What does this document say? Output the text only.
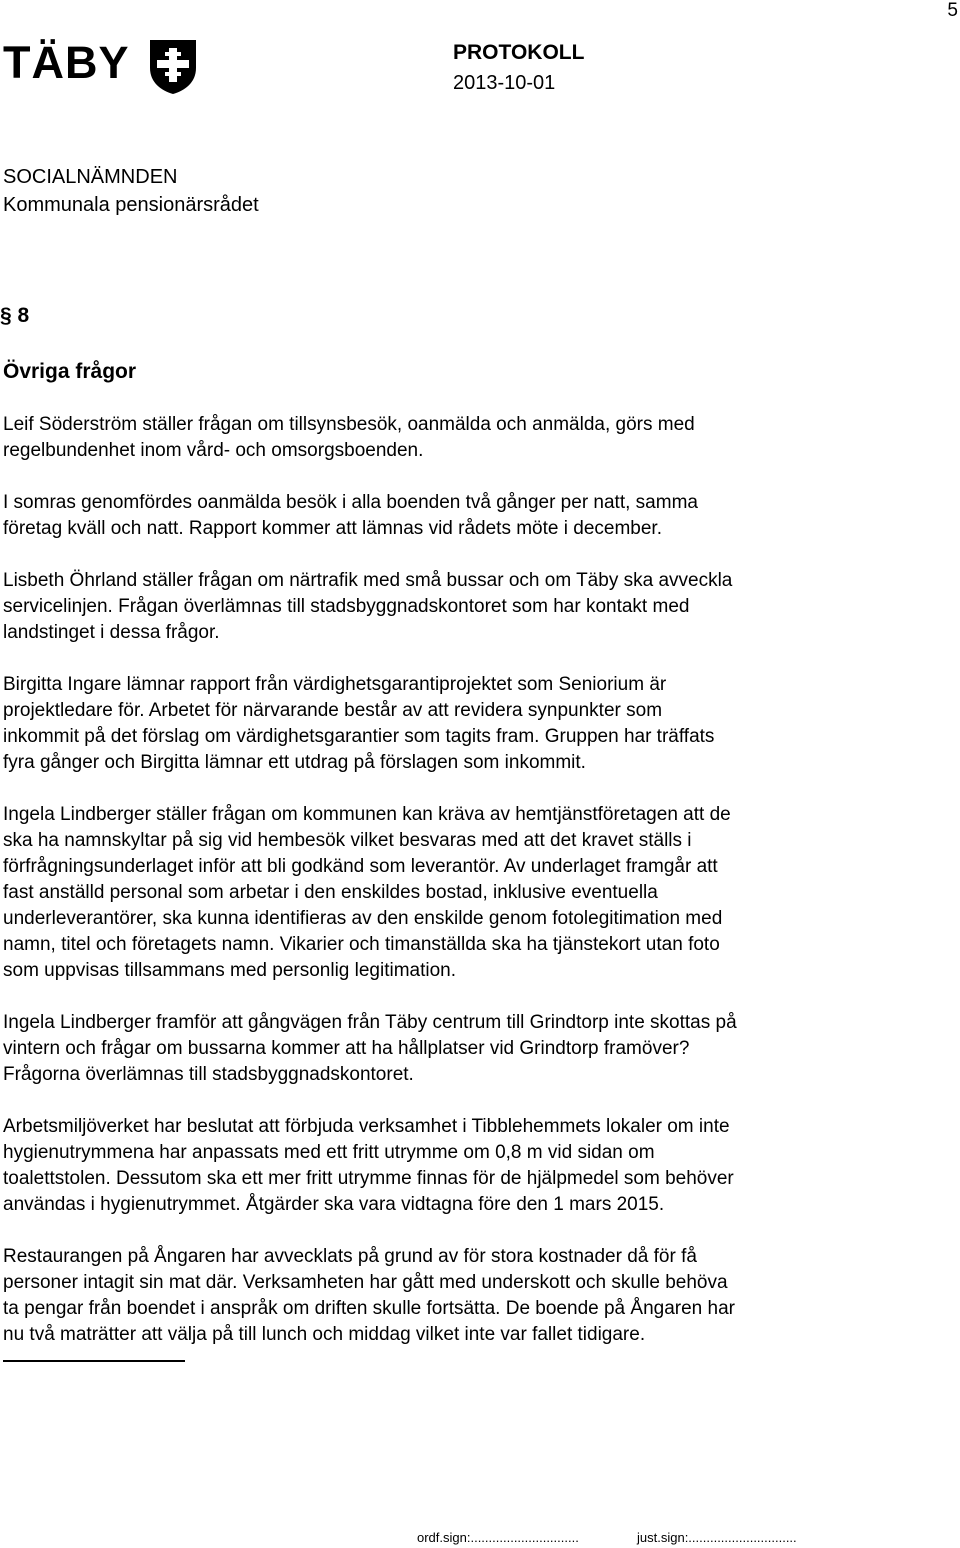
5
TÄBY	PROTOKOLL
2013-10-01
SOCIALNÄMNDEN
Kommunala pensionärsrådet
§ 8
Övriga frågor

Leif Söderström ställer frågan om tillsynsbesök, oanmälda och anmälda, görs med
regelbundenhet inom vård- och omsorgsboenden.

I somras genomfördes oanmälda besök i alla boenden två gånger per natt, samma
företag kväll och natt. Rapport kommer att lämnas vid rådets möte i december.

Lisbeth Öhrland ställer frågan om närtrafik med små bussar och om Täby ska avveckla
servicelinjen. Frågan överlämnas till stadsbyggnadskontoret som har kontakt med
landstinget i dessa frågor.

Birgitta Ingare lämnar rapport från värdighetsgarantiprojektet som Seniorium är
projektledare för. Arbetet för närvarande består av att revidera synpunkter som
inkommit på det förslag om värdighetsgarantier som tagits fram. Gruppen har träffats
fyra gånger och Birgitta lämnar ett utdrag på förslagen som inkommit.

Ingela Lindberger ställer frågan om kommunen kan kräva av hemtjänstföretagen att de
ska ha namnskyltar på sig vid hembesök vilket besvaras med att det kravet ställs i
förfrågningsunderlaget inför att bli godkänd som leverantör. Av underlaget framgår att
fast anställd personal som arbetar i den enskildes bostad, inklusive eventuella
underleverantörer, ska kunna identifieras av den enskilde genom fotolegitimation med
namn, titel och företagets namn. Vikarier och timanställda ska ha tjänstekort utan foto
som uppvisas tillsammans med personlig legitimation.

Ingela Lindberger framför att gångvägen från Täby centrum till Grindtorp inte skottas på
vintern och frågar om bussarna kommer att ha hållplatser vid Grindtorp framöver?
Frågorna överlämnas till stadsbyggnadskontoret.

Arbetsmiljöverket har beslutat att förbjuda verksamhet i Tibblehemmets lokaler om inte
hygienutrymmena har anpassats med ett fritt utrymme om 0,8 m vid sidan om
toalettstolen. Dessutom ska ett mer fritt utrymme finnas för de hjälpmedel som behöver
användas i hygienutrymmet. Åtgärder ska vara vidtagna före den 1 mars 2015.

Restaurangen på Ångaren har avvecklats på grund av för stora kostnader då för få
personer intagit sin mat där. Verksamheten har gått med underskott och skulle behöva
ta pengar från boendet i anspråk om driften skulle fortsätta. De boende på Ångaren har
nu två maträtter att välja på till lunch och middag vilket inte var fallet tidigare.

ordf.sign:..............................	just.sign:..............................
